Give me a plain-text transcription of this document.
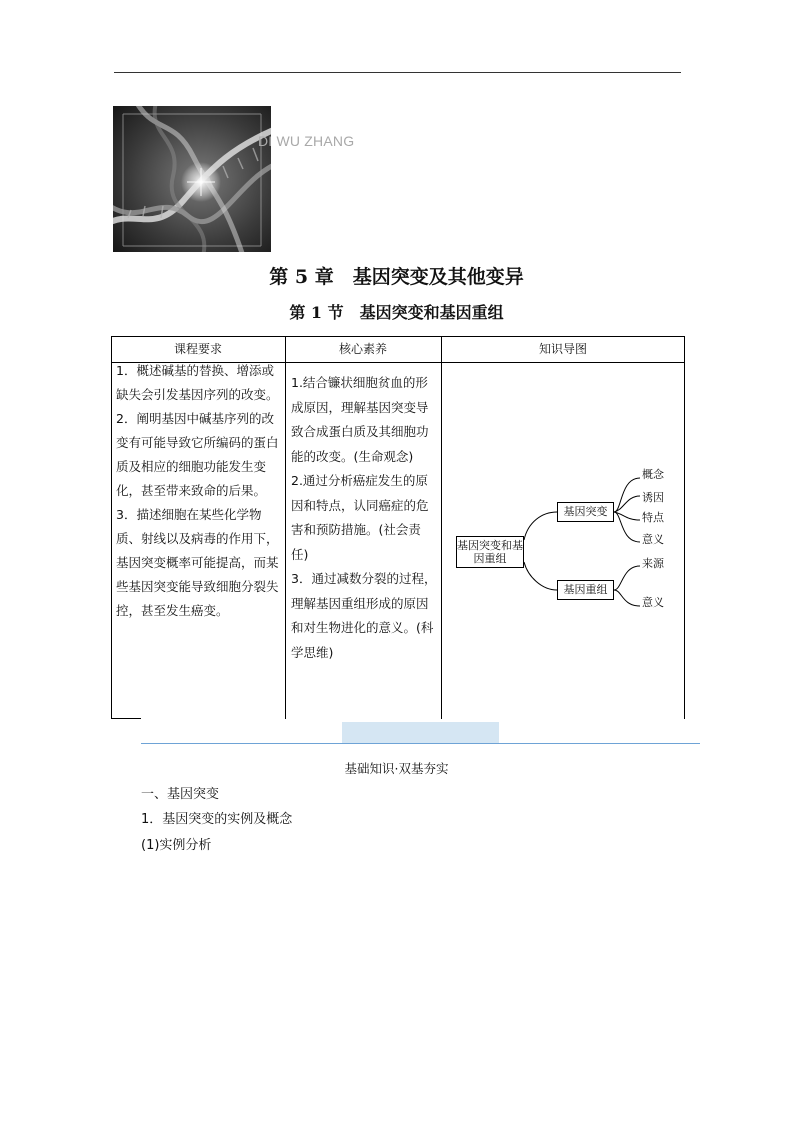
DI WU ZHANG
第 5 章　基因突变及其他变异
第 1 节　基因突变和基因重组
课程要求	核心素养	知识导图

1．概述碱基的替换、增添或缺失会引发基因序列的改变。

2．阐明基因中碱基序列的改变有可能导致它所编码的蛋白质及相应的细胞功能发生变化，甚至带来致命的后果。

3．描述细胞在某些化学物质、射线以及病毒的作用下，基因突变概率可能提高，而某些基因突变能导致细胞分裂失控，甚至发生癌变。

1.结合镰状细胞贫血的形成原因，理解基因突变导致合成蛋白质及其细胞功能的改变。(生命观念)

2.通过分析癌症发生的原因和特点，认同癌症的危害和预防措施。(社会责任)

3．通过减数分裂的过程，理解基因重组形成的原因和对生物进化的意义。(科学思维)

基因突变和基因重组
基因突变
基因重组
概念
诱因
特点
意义
来源
意义
基础知识·双基夯实
一、基因突变
1．基因突变的实例及概念
(1)实例分析
